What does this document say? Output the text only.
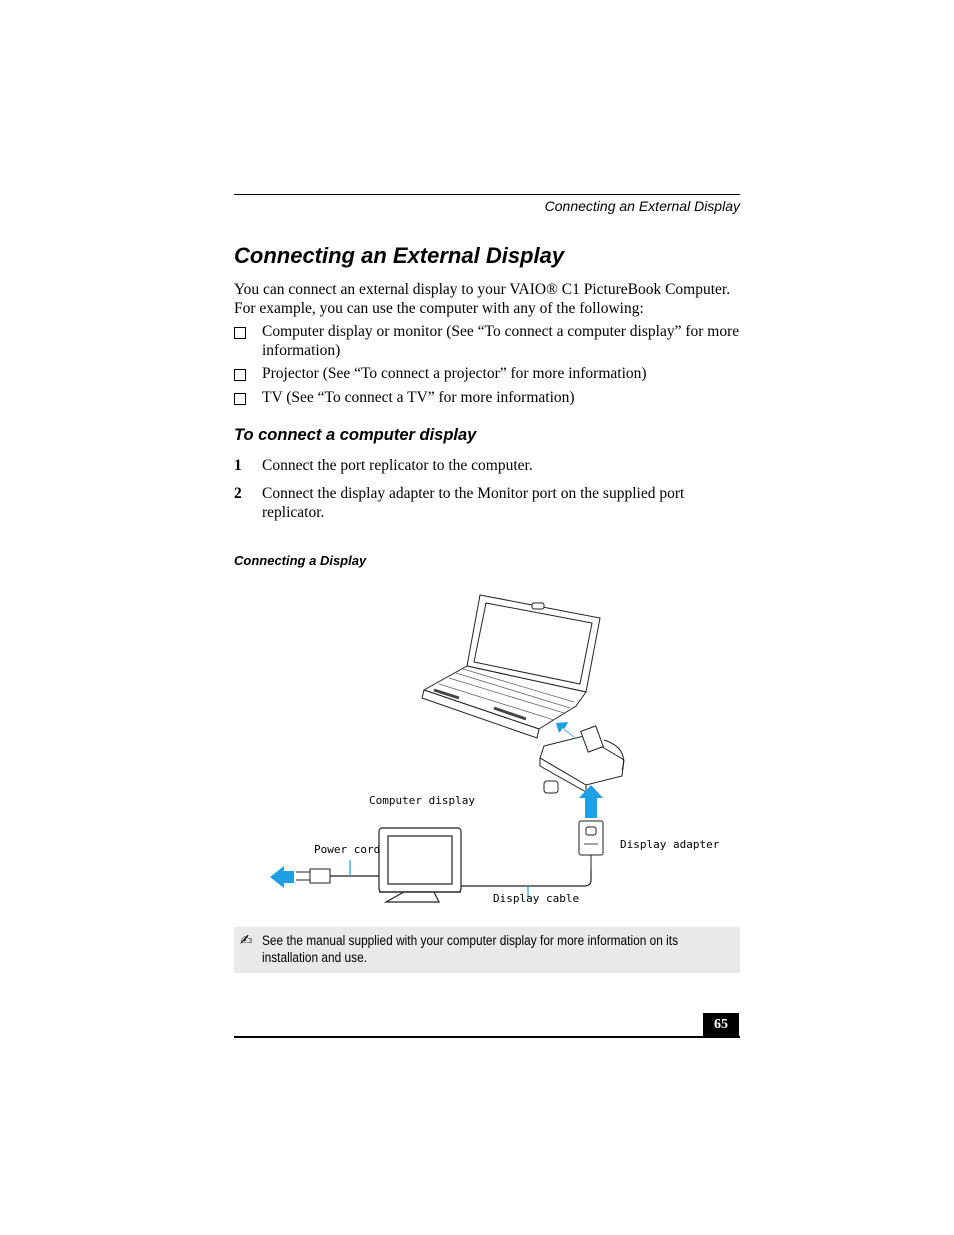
Connecting an External Display
Connecting an External Display
You can connect an external display to your VAIO® C1 PictureBook Computer.
For example, you can use the computer with any of the following:
Computer display or monitor (See “To connect a computer display” for more
information)
Projector (See “To connect a projector” for more information)
TV (See “To connect a TV” for more information)
To connect a computer display
1 Connect the port replicator to the computer.
2 Connect the display adapter to the Monitor port on the supplied port
replicator.
Connecting a Display
Computer display
Power cord
Display cable
Display adapter
✍ See the manual supplied with your computer display for more information on its
installation and use.
65
